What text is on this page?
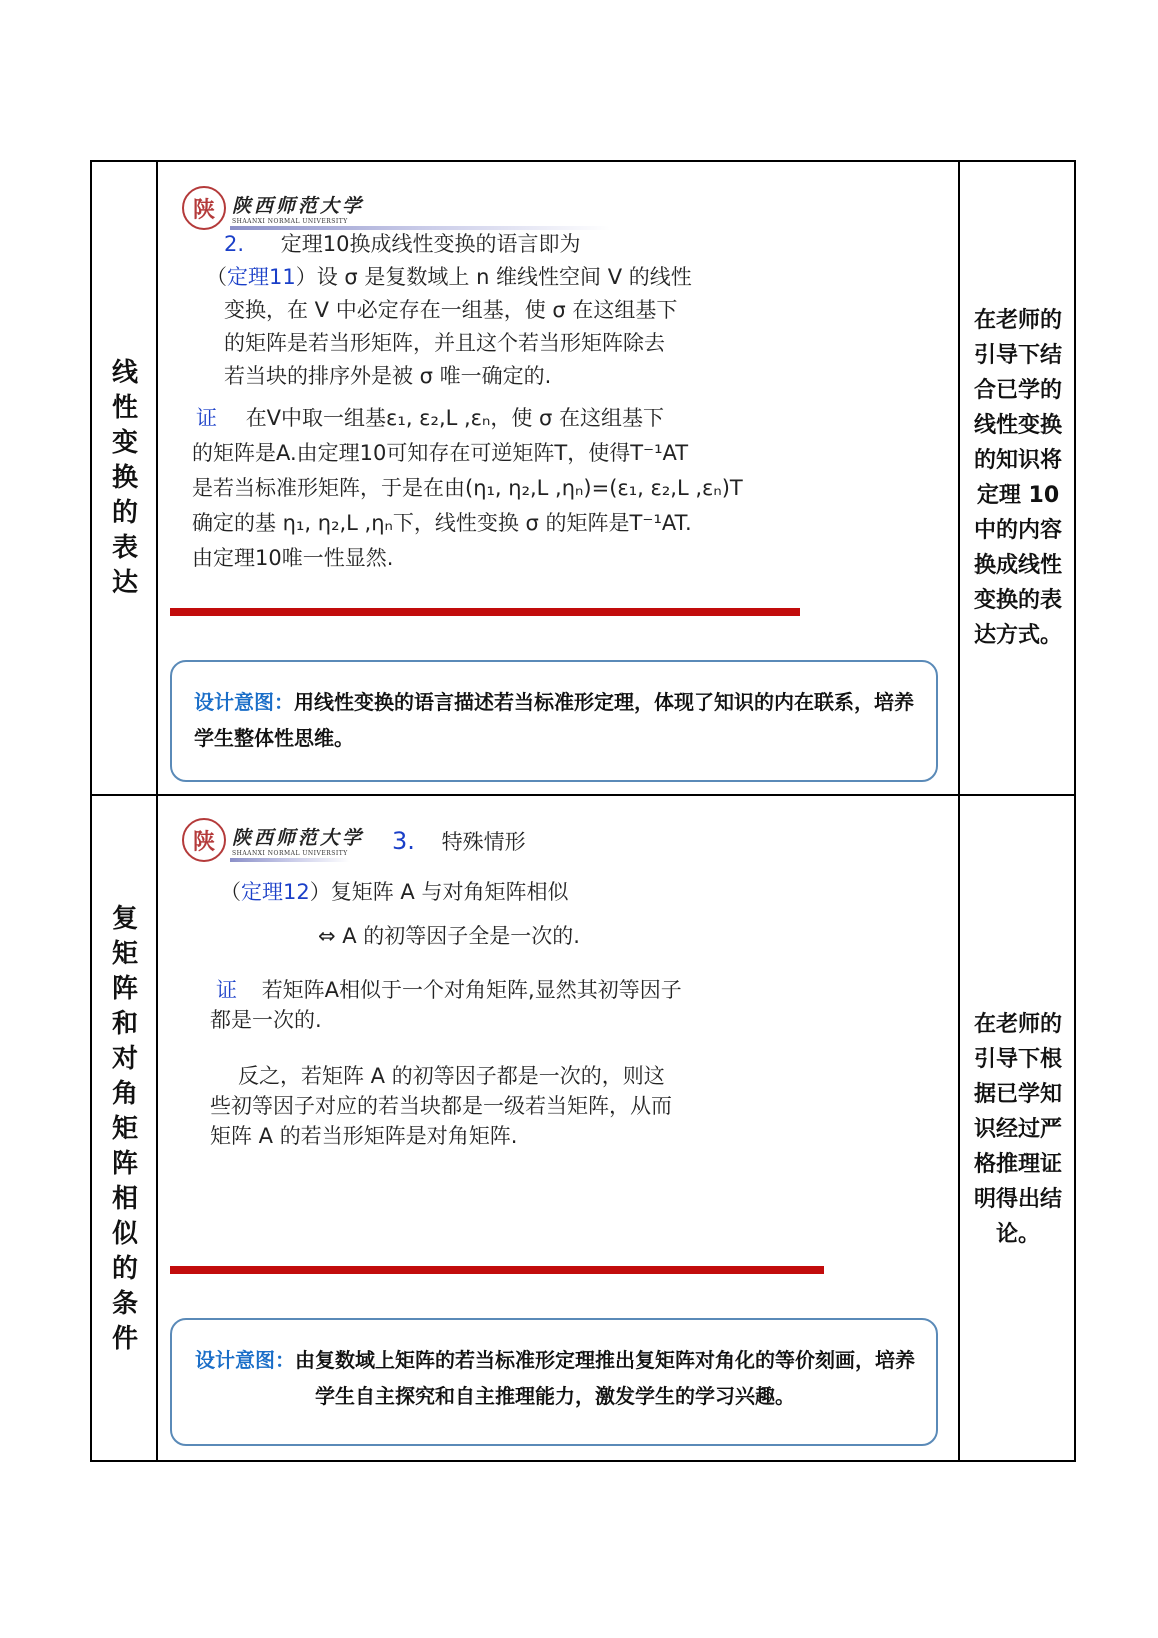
线性变换的表达
在老师的引导下结合已学的线性变换的知识将定理 10 中的内容换成线性变换的表达方式。
陕 陕西师范大学
SHAANXI NORMAL UNIVERSITY
2. 定理10换成线性变换的语言即为
（定理11）设 σ 是复数域上 n 维线性空间 V 的线性
变换，在 V 中必定存在一组基，使 σ 在这组基下
的矩阵是若当形矩阵，并且这个若当形矩阵除去
若当块的排序外是被 σ 唯一确定的.
证 在V中取一组基ε₁, ε₂,L ,εₙ，使 σ 在这组基下
的矩阵是A.由定理10可知存在可逆矩阵T，使得T⁻¹AT
是若当标准形矩阵，于是在由(η₁, η₂,L ,ηₙ)=(ε₁, ε₂,L ,εₙ)T
确定的基 η₁, η₂,L ,ηₙ下，线性变换 σ 的矩阵是T⁻¹AT.
由定理10唯一性显然.
设计意图：用线性变换的语言描述若当标准形定理，体现了知识的内在联系，培养学生整体性思维。
复矩阵和对角矩阵相似的条件
在老师的引导下根据已学知识经过严格推理证明得出结论。
陕 陕西师范大学
SHAANXI NORMAL UNIVERSITY	3. 特殊情形
（定理12）复矩阵 A 与对角矩阵相似
⇔ A 的初等因子全是一次的.
证 若矩阵A相似于一个对角矩阵,显然其初等因子
都是一次的.
反之，若矩阵 A 的初等因子都是一次的，则这
些初等因子对应的若当块都是一级若当矩阵，从而
矩阵 A 的若当形矩阵是对角矩阵.
设计意图：由复数域上矩阵的若当标准形定理推出复矩阵对角化的等价刻画，培养学生自主探究和自主推理能力，激发学生的学习兴趣。
